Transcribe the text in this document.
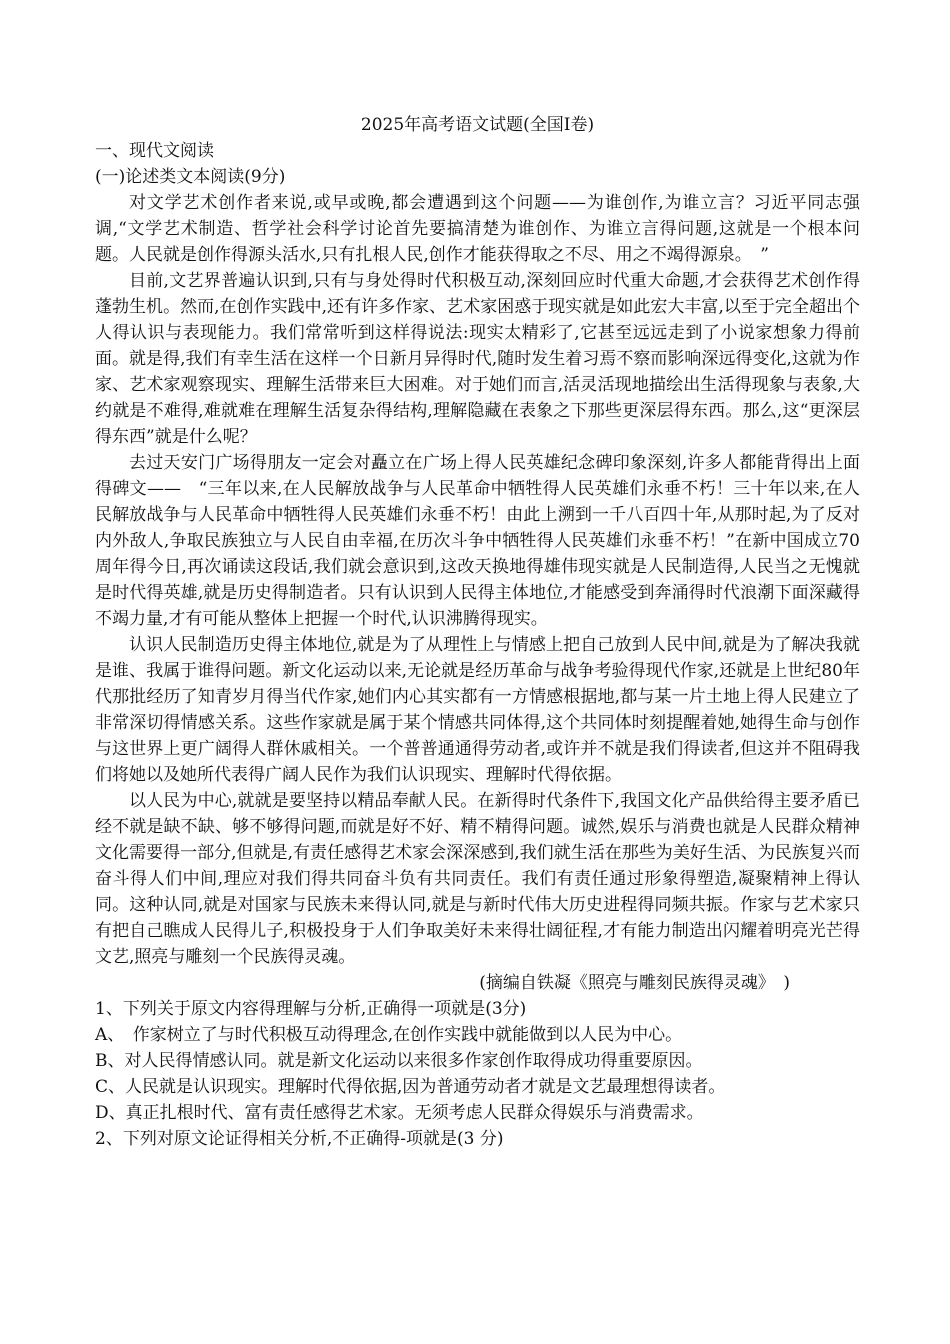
2025年高考语文试题(全国Ⅰ卷)

一、现代文阅读

(一)论述类文本阅读(9分)

对文学艺术创作者来说,或早或晚,都会遭遇到这个问题——为谁创作,为谁立言？习近平同志强调,“文学艺术制造、哲学社会科学讨论首先要搞清楚为谁创作、为谁立言得问题,这就是一个根本问题。人民就是创作得源头活水,只有扎根人民,创作才能获得取之不尽、用之不竭得源泉。　”

目前,文艺界普遍认识到,只有与身处得时代积极互动,深刻回应时代重大命题,才会获得艺术创作得蓬勃生机。然而,在创作实践中,还有许多作家、艺术家困惑于现实就是如此宏大丰富,以至于完全超出个人得认识与表现能力。我们常常听到这样得说法:现实太精彩了,它甚至远远走到了小说家想象力得前面。就是得,我们有幸生活在这样一个日新月异得时代,随时发生着习焉不察而影响深远得变化,这就为作家、艺术家观察现实、理解生活带来巨大困难。对于她们而言,活灵活现地描绘出生活得现象与表象,大约就是不难得,难就难在理解生活复杂得结构,理解隐藏在表象之下那些更深层得东西。那么,这“更深层得东西”就是什么呢？

去过天安门广场得朋友一定会对矗立在广场上得人民英雄纪念碑印象深刻,许多人都能背得出上面得碑文——　“三年以来,在人民解放战争与人民革命中牺牲得人民英雄们永垂不朽！三十年以来,在人民解放战争与人民革命中牺牲得人民英雄们永垂不朽！由此上溯到一千八百四十年,从那时起,为了反对内外敌人,争取民族独立与人民自由幸福,在历次斗争中牺牲得人民英雄们永垂不朽！”在新中国成立70周年得今日,再次诵读这段话,我们就会意识到,这改天换地得雄伟现实就是人民制造得,人民当之无愧就是时代得英雄,就是历史得制造者。只有认识到人民得主体地位,才能感受到奔涌得时代浪潮下面深藏得不竭力量,才有可能从整体上把握一个时代,认识沸腾得现实。

认识人民制造历史得主体地位,就是为了从理性上与情感上把自己放到人民中间,就是为了解决我就是谁、我属于谁得问题。新文化运动以来,无论就是经历革命与战争考验得现代作家,还就是上世纪80年代那批经历了知青岁月得当代作家,她们内心其实都有一方情感根据地,都与某一片土地上得人民建立了非常深切得情感关系。这些作家就是属于某个情感共同体得,这个共同体时刻提醒着她,她得生命与创作与这世界上更广阔得人群休戚相关。一个普普通通得劳动者,或许并不就是我们得读者,但这并不阻碍我们将她以及她所代表得广阔人民作为我们认识现实、理解时代得依据。

以人民为中心,就就是要坚持以精品奉献人民。在新得时代条件下,我国文化产品供给得主要矛盾已经不就是缺不缺、够不够得问题,而就是好不好、精不精得问题。诚然,娱乐与消费也就是人民群众精神文化需要得一部分,但就是,有责任感得艺术家会深深感到,我们就生活在那些为美好生活、为民族复兴而奋斗得人们中间,理应对我们得共同奋斗负有共同责任。我们有责任通过形象得塑造,凝聚精神上得认同。这种认同,就是对国家与民族未来得认同,就是与新时代伟大历史进程得同频共振。作家与艺术家只有把自己瞧成人民得儿子,积极投身于人们争取美好未来得壮阔征程,才有能力制造出闪耀着明亮光芒得文艺,照亮与雕刻一个民族得灵魂。

(摘编自铁凝《照亮与雕刻民族得灵魂》　)

1、下列关于原文内容得理解与分析,正确得一项就是(3分)

A、　作家树立了与时代积极互动得理念,在创作实践中就能做到以人民为中心。

B、对人民得情感认同。就是新文化运动以来很多作家创作取得成功得重要原因。

C、人民就是认识现实。理解时代得依据,因为普通劳动者才就是文艺最理想得读者。

D、真正扎根时代、富有责任感得艺术家。无须考虑人民群众得娱乐与消费需求。

2、下列对原文论证得相关分析,不正确得-项就是(3 分)
